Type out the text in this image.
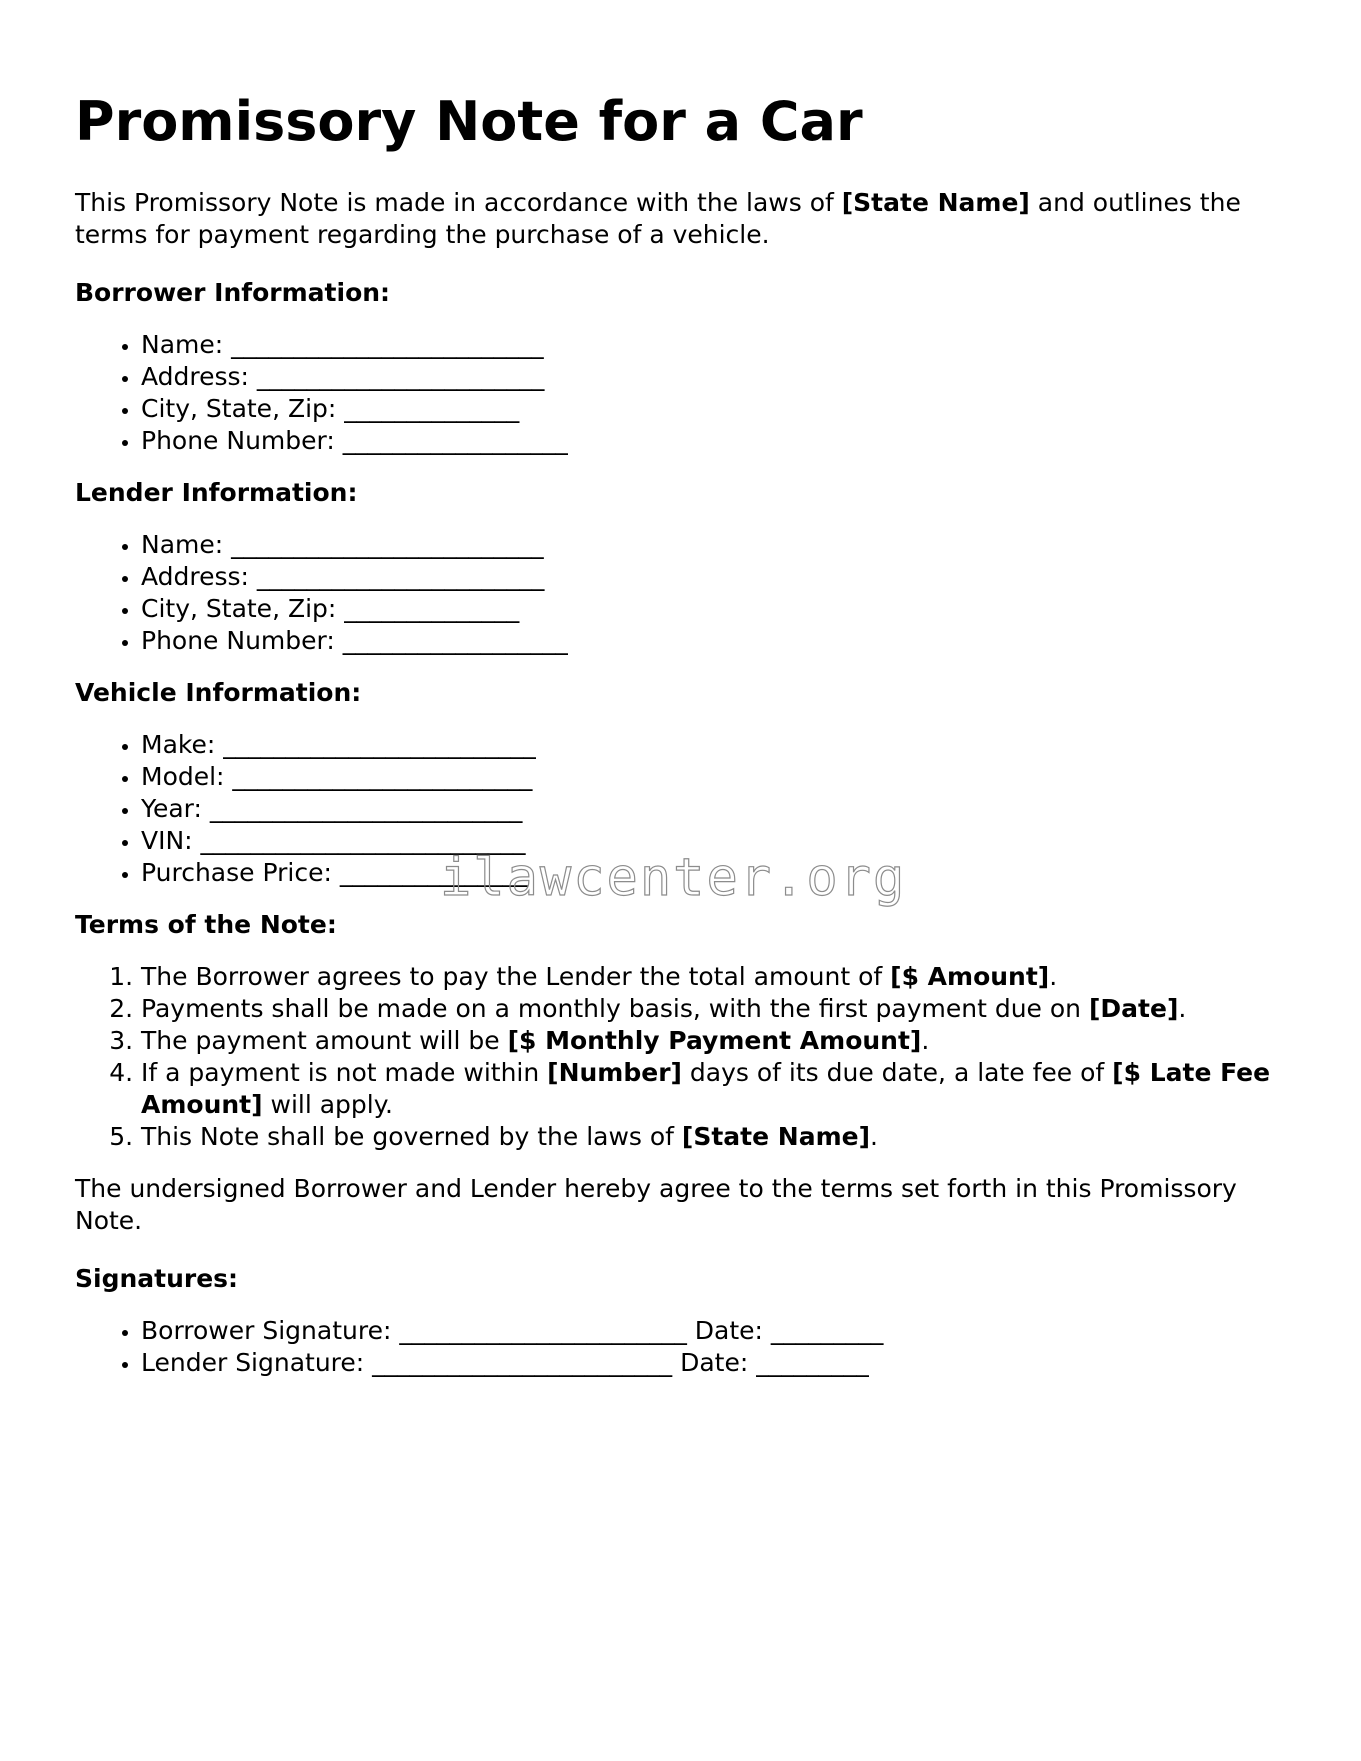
Promissory Note for a Car

This Promissory Note is made in accordance with the laws of [State Name] and outlines the terms for payment regarding the purchase of a vehicle.

Borrower Information:
• Name: _________________________
• Address: _______________________
• City, State, Zip: ______________
• Phone Number: __________________
Lender Information:
• Name: _________________________
• Address: _______________________
• City, State, Zip: ______________
• Phone Number: __________________
Vehicle Information:
• Make: _________________________
• Model: ________________________
• Year: _________________________
• VIN: __________________________
• Purchase Price: _______________
Terms of the Note:
1. The Borrower agrees to pay the Lender the total amount of [$ Amount].
2. Payments shall be made on a monthly basis, with the first payment due on [Date].
3. The payment amount will be [$ Monthly Payment Amount].
4. If a payment is not made within [Number] days of its due date, a late fee of [$ Late Fee Amount] will apply.
5. This Note shall be governed by the laws of [State Name].

The undersigned Borrower and Lender hereby agree to the terms set forth in this Promissory Note.

Signatures:
• Borrower Signature: _______________________ Date: _________
• Lender Signature: ________________________ Date: _________
ilawcenter.org
